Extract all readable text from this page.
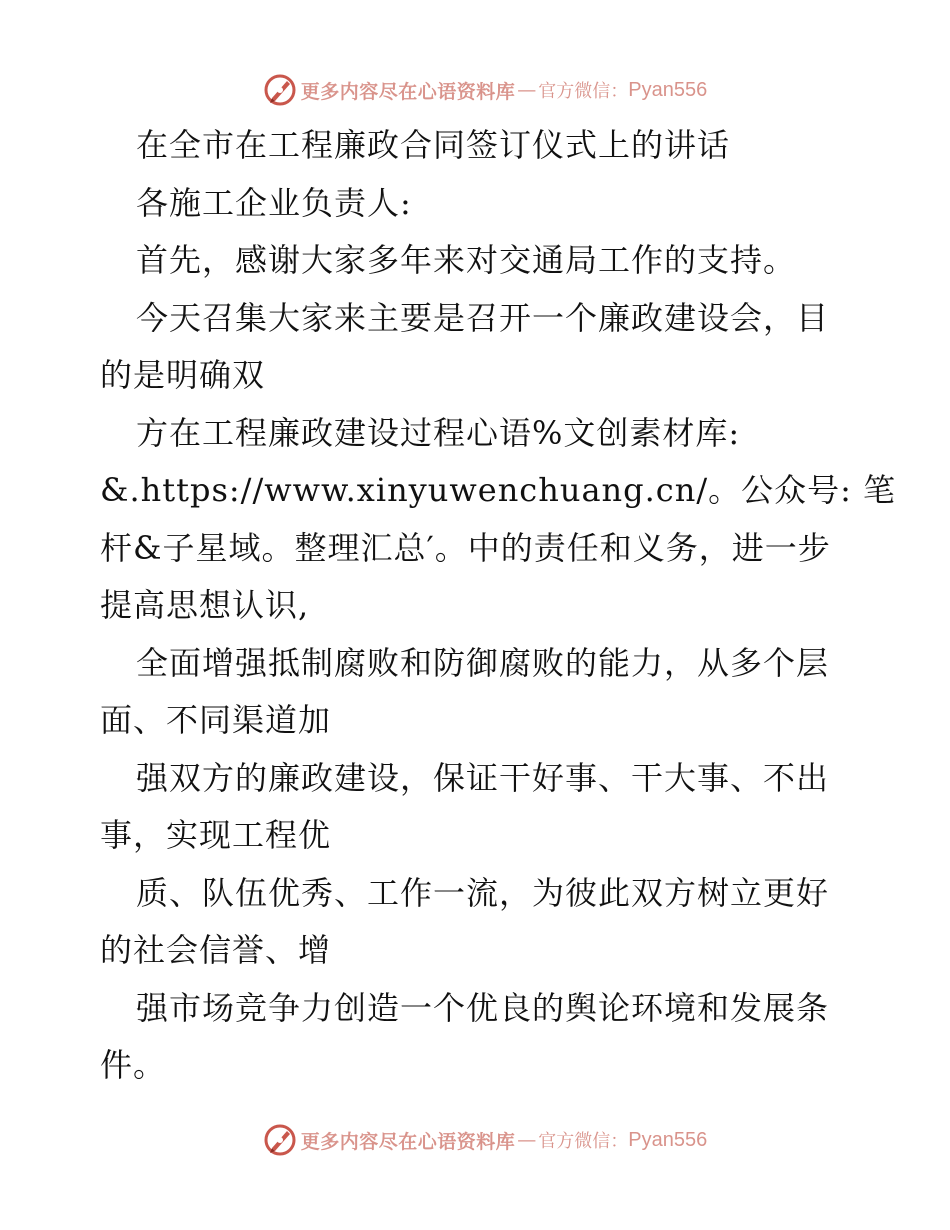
更多内容尽在心语资料库 — 官方微信： Pyan556
在全市在工程廉政合同签订仪式上的讲话
各施工企业负责人:
首先，感谢大家多年来对交通局工作的支持。
今天召集大家来主要是召开一个廉政建设会，目
的是明确双
方在工程廉政建设过程心语%文创素材库:
&.https://www.xinyuwenchuang.cn/。公众号: 笔
杆&子星域。整理汇总′。中的责任和义务，进一步
提高思想认识,
全面增强抵制腐败和防御腐败的能力，从多个层
面、不同渠道加
强双方的廉政建设，保证干好事、干大事、不出
事，实现工程优
质、队伍优秀、工作一流，为彼此双方树立更好
的社会信誉、增
强市场竞争力创造一个优良的舆论环境和发展条
件。
更多内容尽在心语资料库 — 官方微信： Pyan556
